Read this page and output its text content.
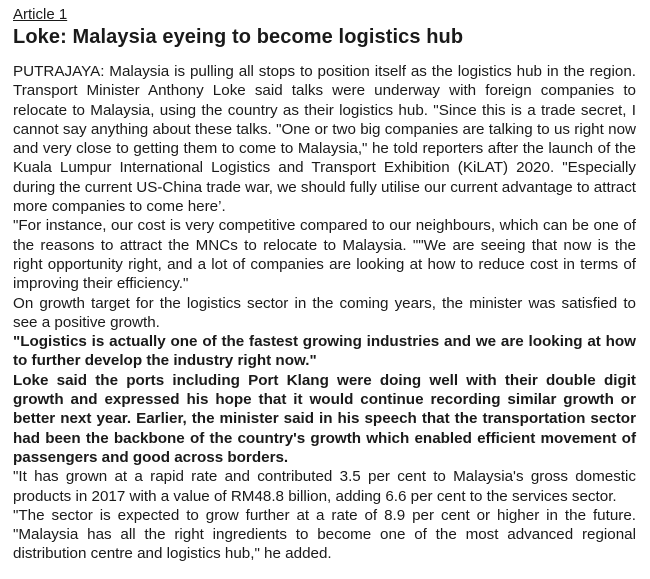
Article 1

Loke: Malaysia eyeing to become logistics hub

PUTRAJAYA: Malaysia is pulling all stops to position itself as the logistics hub in the region. Transport Minister Anthony Loke said talks were underway with foreign companies to relocate to Malaysia, using the country as their logistics hub. "Since this is a trade secret, I cannot say anything about these talks. "One or two big companies are talking to us right now and very close to getting them to come to Malaysia," he told reporters after the launch of the Kuala Lumpur International Logistics and Transport Exhibition (KiLAT) 2020. "Especially during the current US-China trade war, we should fully utilise our current advantage to attract more companies to come here’.

"For instance, our cost is very competitive compared to our neighbours, which can be one of the reasons to attract the MNCs to relocate to Malaysia. ""We are seeing that now is the right opportunity right, and a lot of companies are looking at how to reduce cost in terms of improving their efficiency."

On growth target for the logistics sector in the coming years, the minister was satisfied to see a positive growth.

"Logistics is actually one of the fastest growing industries and we are looking at how to further develop the industry right now."

Loke said the ports including Port Klang were doing well with their double digit growth and expressed his hope that it would continue recording similar growth or better next year. Earlier, the minister said in his speech that the transportation sector had been the backbone of the country's growth which enabled efficient movement of passengers and good across borders.

"It has grown at a rapid rate and contributed 3.5 per cent to Malaysia's gross domestic products in 2017 with a value of RM48.8 billion, adding 6.6 per cent to the services sector.

"The sector is expected to grow further at a rate of 8.9 per cent or higher in the future. "Malaysia has all the right ingredients to become one of the most advanced regional distribution centre and logistics hub," he added.
